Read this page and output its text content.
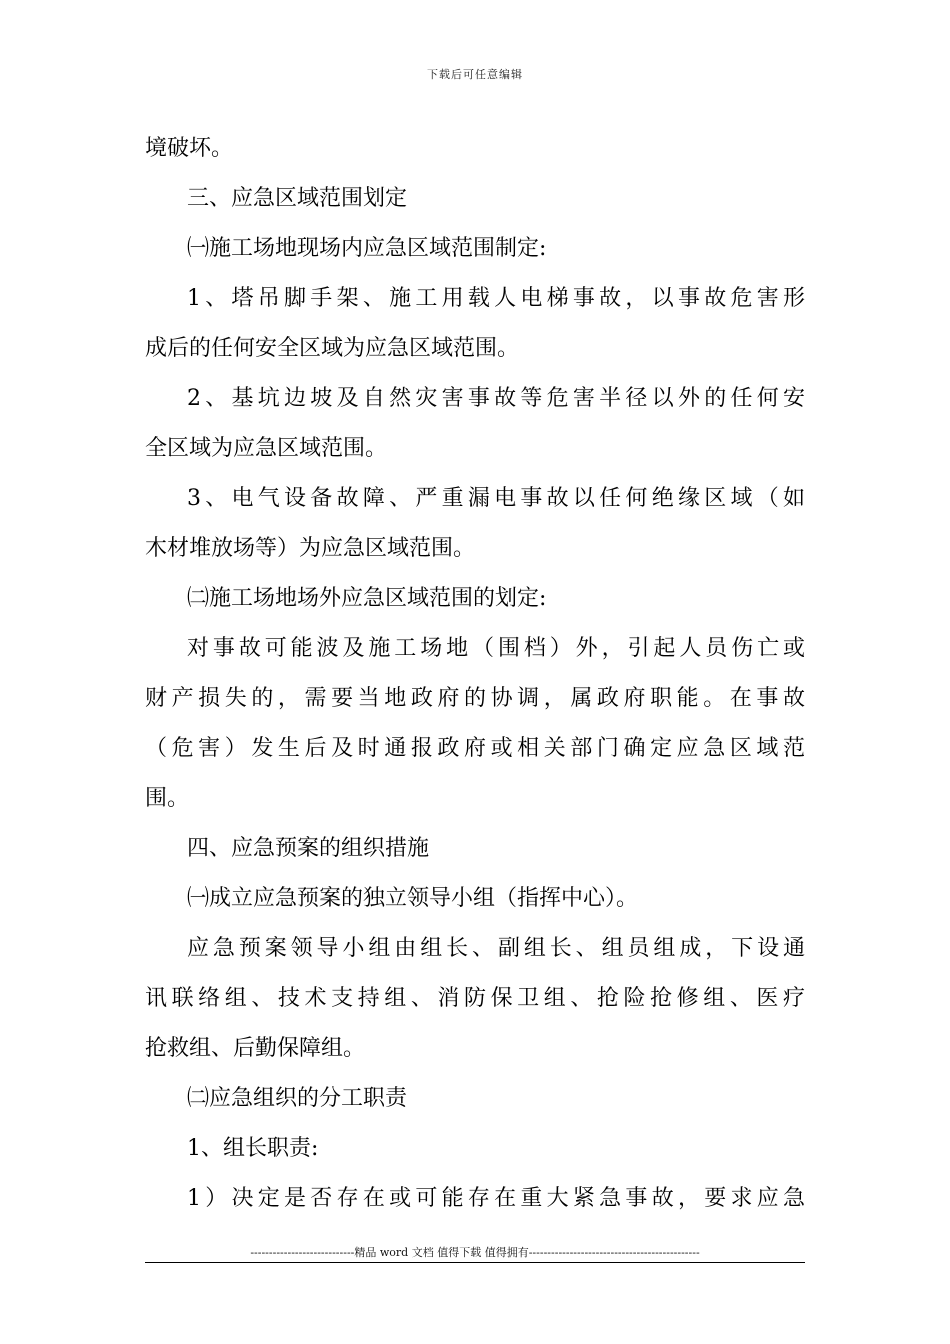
下载后可任意编辑
境破坏。
三、应急区域范围划定
㈠施工场地现场内应急区域范围制定:
1、塔吊脚手架、施工用载人电梯事故，以事故危害形
成后的任何安全区域为应急区域范围。
2、基坑边坡及自然灾害事故等危害半径以外的任何安
全区域为应急区域范围。
3、电气设备故障、严重漏电事故以任何绝缘区域（如
木材堆放场等）为应急区域范围。
㈡施工场地场外应急区域范围的划定:
对事故可能波及施工场地（围档）外，引起人员伤亡或
财产损失的，需要当地政府的协调，属政府职能。在事故
（危害）发生后及时通报政府或相关部门确定应急区域范
围。
四、应急预案的组织措施
㈠成立应急预案的独立领导小组（指挥中心）。
应急预案领导小组由组长、副组长、组员组成，下设通
讯联络组、技术支持组、消防保卫组、抢险抢修组、医疗
抢救组、后勤保障组。
㈡应急组织的分工职责
1、组长职责:
1）决定是否存在或可能存在重大紧急事故，要求应急
----------------------------精品 word 文档 值得下载 值得拥有----------------------------------------------
